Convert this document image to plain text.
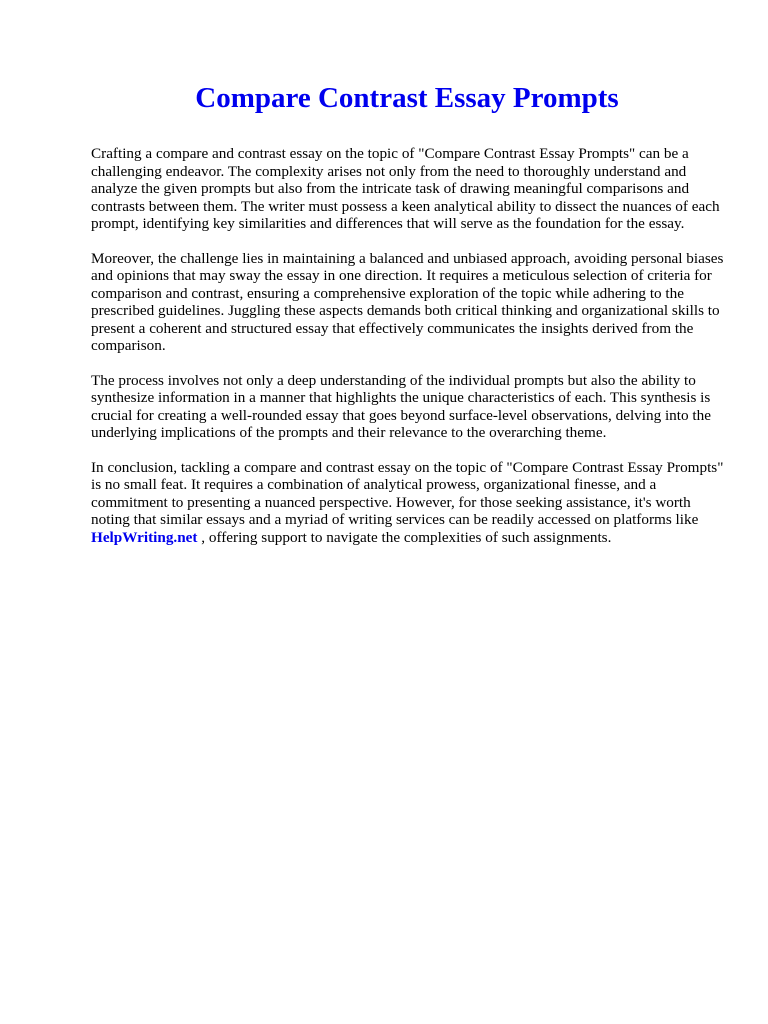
Compare Contrast Essay Prompts

Crafting a compare and contrast essay on the topic of "Compare Contrast Essay Prompts" can be a challenging endeavor. The complexity arises not only from the need to thoroughly understand and analyze the given prompts but also from the intricate task of drawing meaningful comparisons and contrasts between them. The writer must possess a keen analytical ability to dissect the nuances of each prompt, identifying key similarities and differences that will serve as the foundation for the essay.

Moreover, the challenge lies in maintaining a balanced and unbiased approach, avoiding personal biases and opinions that may sway the essay in one direction. It requires a meticulous selection of criteria for comparison and contrast, ensuring a comprehensive exploration of the topic while adhering to the prescribed guidelines. Juggling these aspects demands both critical thinking and organizational skills to present a coherent and structured essay that effectively communicates the insights derived from the comparison.

The process involves not only a deep understanding of the individual prompts but also the ability to synthesize information in a manner that highlights the unique characteristics of each. This synthesis is crucial for creating a well-rounded essay that goes beyond surface-level observations, delving into the underlying implications of the prompts and their relevance to the overarching theme.

In conclusion, tackling a compare and contrast essay on the topic of "Compare Contrast Essay Prompts" is no small feat. It requires a combination of analytical prowess, organizational finesse, and a commitment to presenting a nuanced perspective. However, for those seeking assistance, it's worth noting that similar essays and a myriad of writing services can be readily accessed on platforms like HelpWriting.net , offering support to navigate the complexities of such assignments.
